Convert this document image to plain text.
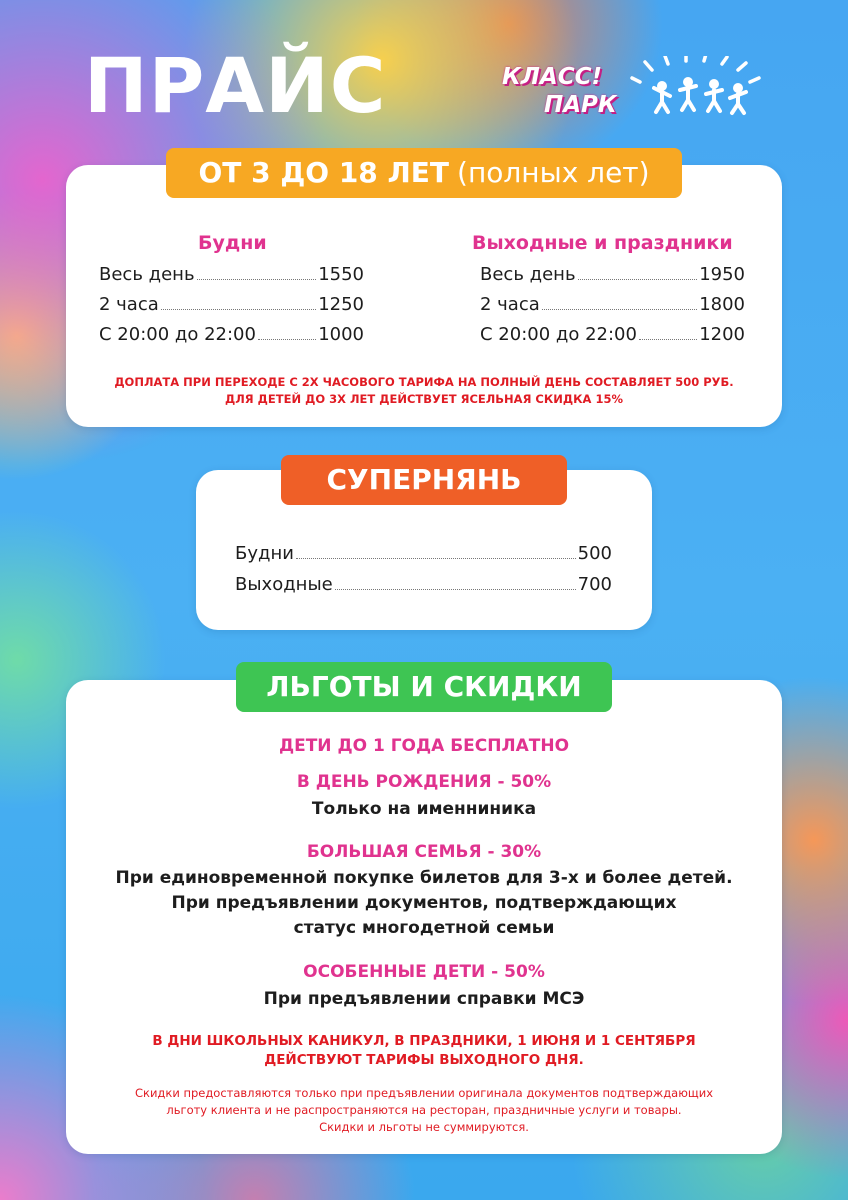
ПРАЙС	КЛАСС!
ПАРК
ОТ 3 ДО 18 ЛЕТ (полных лет)
Будни
Весь день	1550
2 часа	1250
С 20:00 до 22:00	1000
Выходные и праздники
Весь день	1950
2 часа	1800
С 20:00 до 22:00	1200
ДОПЛАТА ПРИ ПЕРЕХОДЕ С 2Х ЧАСОВОГО ТАРИФА НА ПОЛНЫЙ ДЕНЬ СОСТАВЛЯЕТ 500 РУБ.
ДЛЯ ДЕТЕЙ ДО 3Х ЛЕТ ДЕЙСТВУЕТ ЯСЕЛЬНАЯ СКИДКА 15%
СУПЕРНЯНЬ
Будни	500
Выходные	700
ЛЬГОТЫ И СКИДКИ
ДЕТИ ДО 1 ГОДА БЕСПЛАТНО
В ДЕНЬ РОЖДЕНИЯ - 50%
Только на именниника
БОЛЬШАЯ СЕМЬЯ - 30%
При единовременной покупке билетов для 3-х и более детей.
При предъявлении документов, подтверждающих
статус многодетной семьи
ОСОБЕННЫЕ ДЕТИ - 50%
При предъявлении справки МСЭ
В ДНИ ШКОЛЬНЫХ КАНИКУЛ, В ПРАЗДНИКИ, 1 ИЮНЯ И 1 СЕНТЯБРЯ
ДЕЙСТВУЮТ ТАРИФЫ ВЫХОДНОГО ДНЯ.
Скидки предоставляются только при предъявлении оригинала документов подтверждающих
льготу клиента и не распространяются на ресторан, праздничные услуги и товары.
Скидки и льготы не суммируются.
